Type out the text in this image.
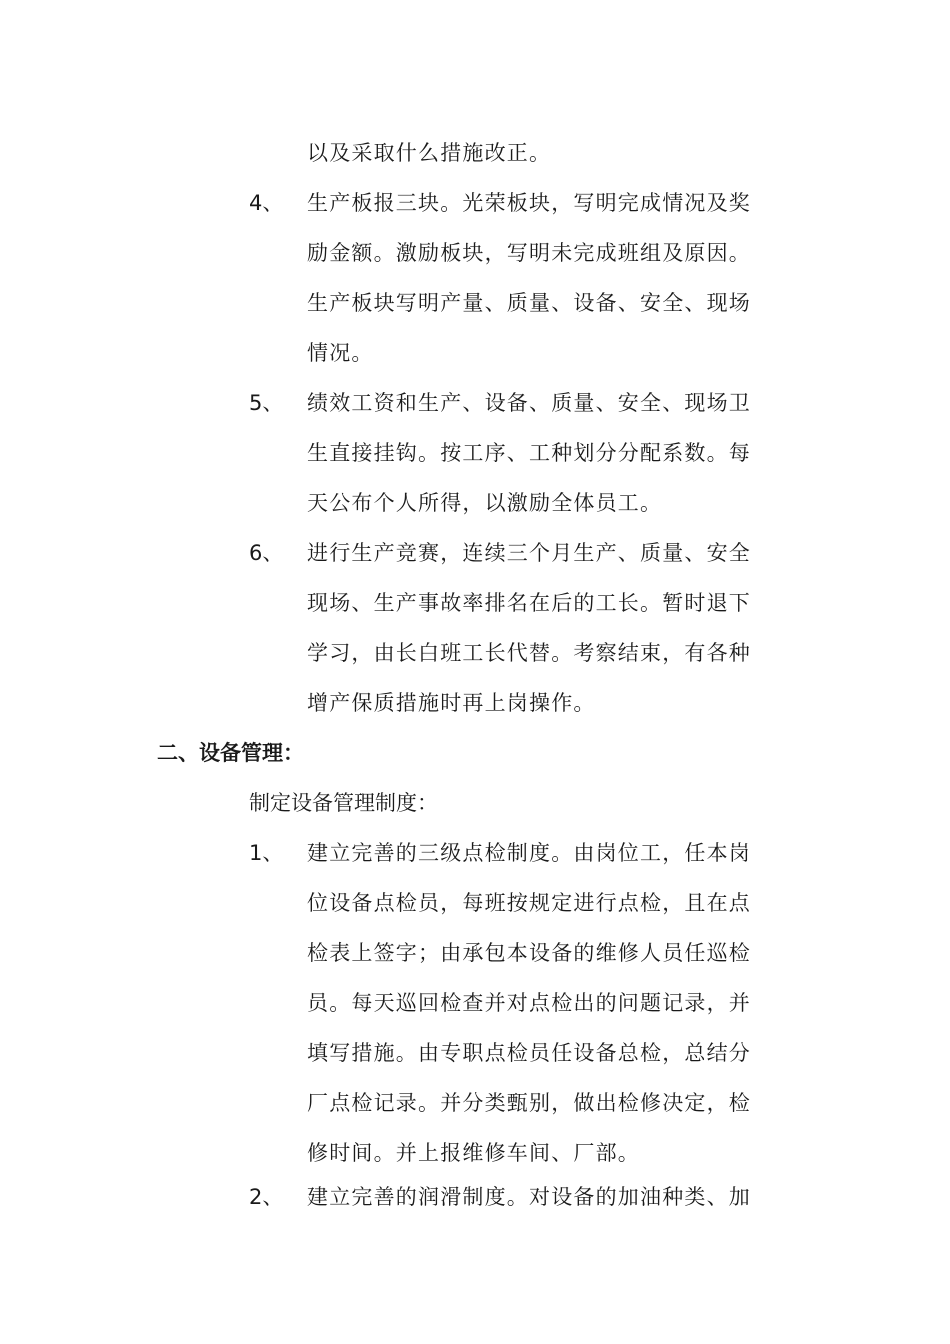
以及采取什么措施改正。
4、 生产板报三块。光荣板块，写明完成情况及奖
励金额。激励板块，写明未完成班组及原因。
生产板块写明产量、质量、设备、安全、现场
情况。
5、 绩效工资和生产、设备、质量、安全、现场卫
生直接挂钩。按工序、工种划分分配系数。每
天公布个人所得，以激励全体员工。
6、 进行生产竞赛，连续三个月生产、质量、安全
现场、生产事故率排名在后的工长。暂时退下
学习，由长白班工长代替。考察结束，有各种
增产保质措施时再上岗操作。
二、设备管理：
制定设备管理制度：
1、 建立完善的三级点检制度。由岗位工，任本岗
位设备点检员，每班按规定进行点检，且在点
检表上签字；由承包本设备的维修人员任巡检
员。每天巡回检查并对点检出的问题记录，并
填写措施。由专职点检员任设备总检，总结分
厂点检记录。并分类甄别，做出检修决定，检
修时间。并上报维修车间、厂部。
2、 建立完善的润滑制度。对设备的加油种类、加
